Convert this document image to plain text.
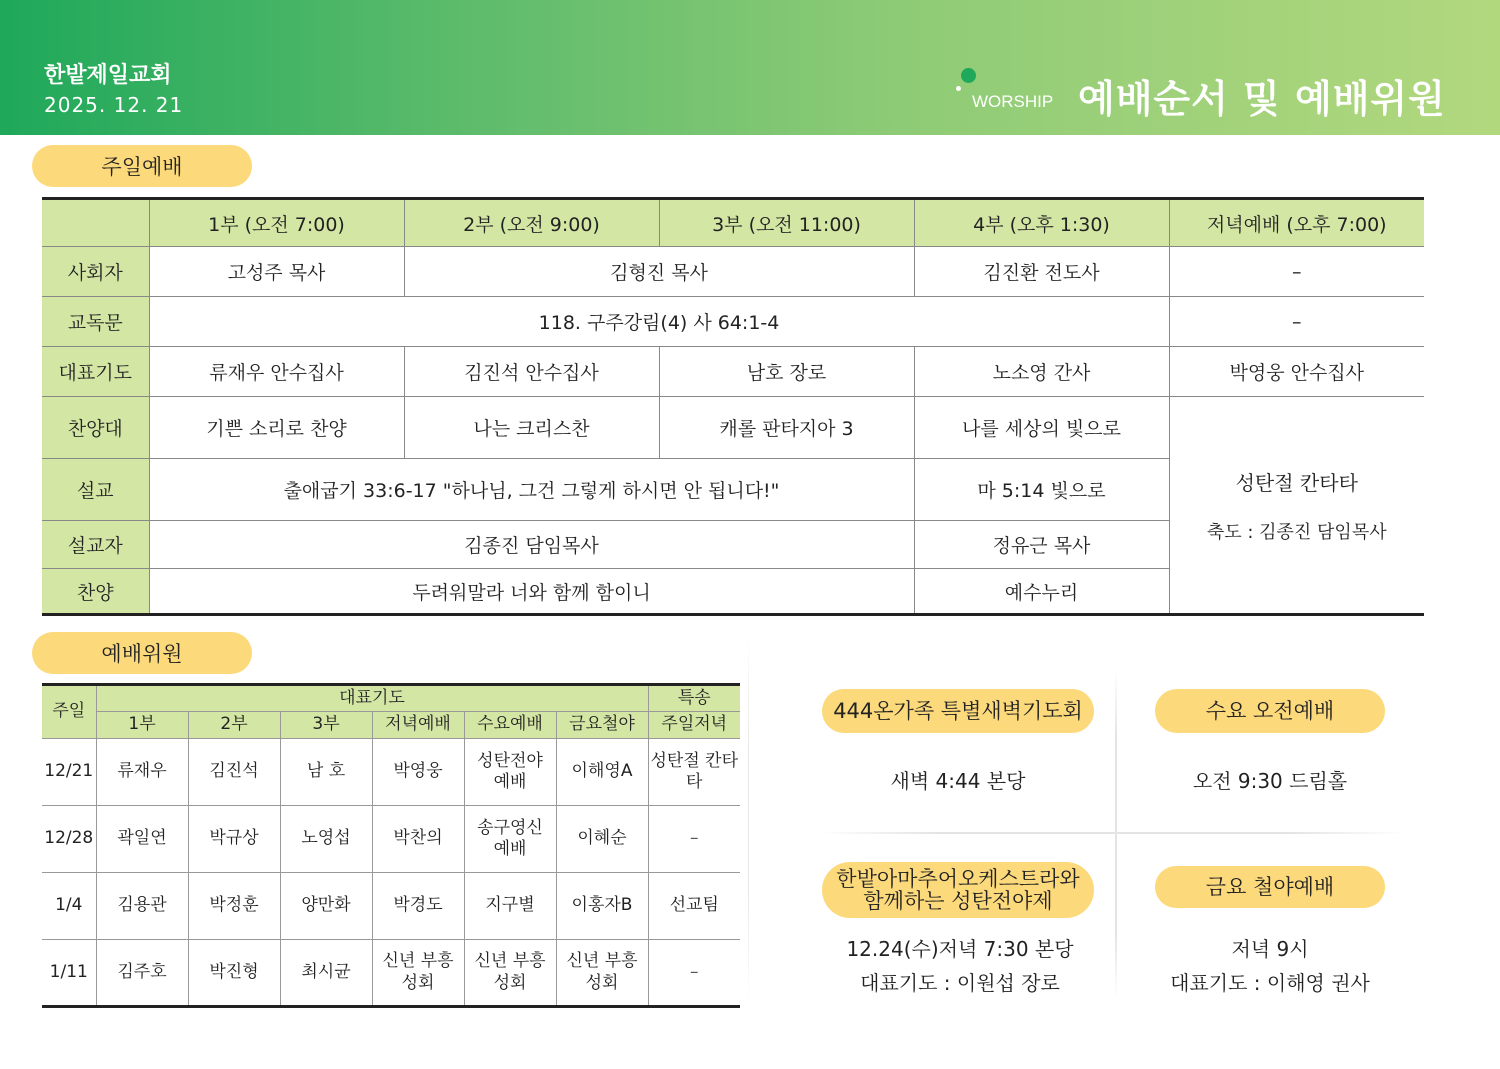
한밭제일교회
2025. 12. 21	WORSHIP 예배순서 및 예배위원
주일예배
	1부 (오전 7:00)	2부 (오전 9:00)	3부 (오전 11:00)	4부 (오후 1:30)	저녁예배 (오후 7:00)
사회자	고성주 목사	김형진 목사		김진환 전도사	–
교독문	118. 구주강림(4) 사 64:1-4				–
대표기도	류재우 안수집사	김진석 안수집사	남호 장로	노소영 간사	박영웅 안수집사
찬양대	기쁜 소리로 찬양	나는 크리스찬	캐롤 판타지아 3	나를 세상의 빛으로	성탄절 칸타타
축도 : 김종진 담임목사

설교	출애굽기 33:6-17 "하나님, 그건 그렇게 하시면 안 됩니다!"			마 5:14 빛으로	
설교자	김종진 담임목사			정유근 목사	
찬양	두려워말라 너와 함께 함이니			예수누리	
예배위원
주일	대표기도						특송
	1부	2부	3부	저녁예배	수요예배	금요철야	주일저녁
12/21	류재우	김진석	남 호	박영웅	성탄전야 예배	이해영A	성탄절 칸타타
12/28	곽일연	박규상	노영섭	박찬의	송구영신 예배	이혜순	–
1/4	김용관	박정훈	양만화	박경도	지구별	이홍자B	선교팀
1/11	김주호	박진형	최시균	신년 부흥성회	신년 부흥성회	신년 부흥성회	–
444온가족 특별새벽기도회
새벽 4:44 본당
수요 오전예배
오전 9:30 드림홀
한밭아마추어오케스트라와 함께하는 성탄전야제
12.24(수)저녁 7:30 본당
대표기도 : 이원섭 장로
금요 철야예배
저녁 9시
대표기도 : 이해영 권사
